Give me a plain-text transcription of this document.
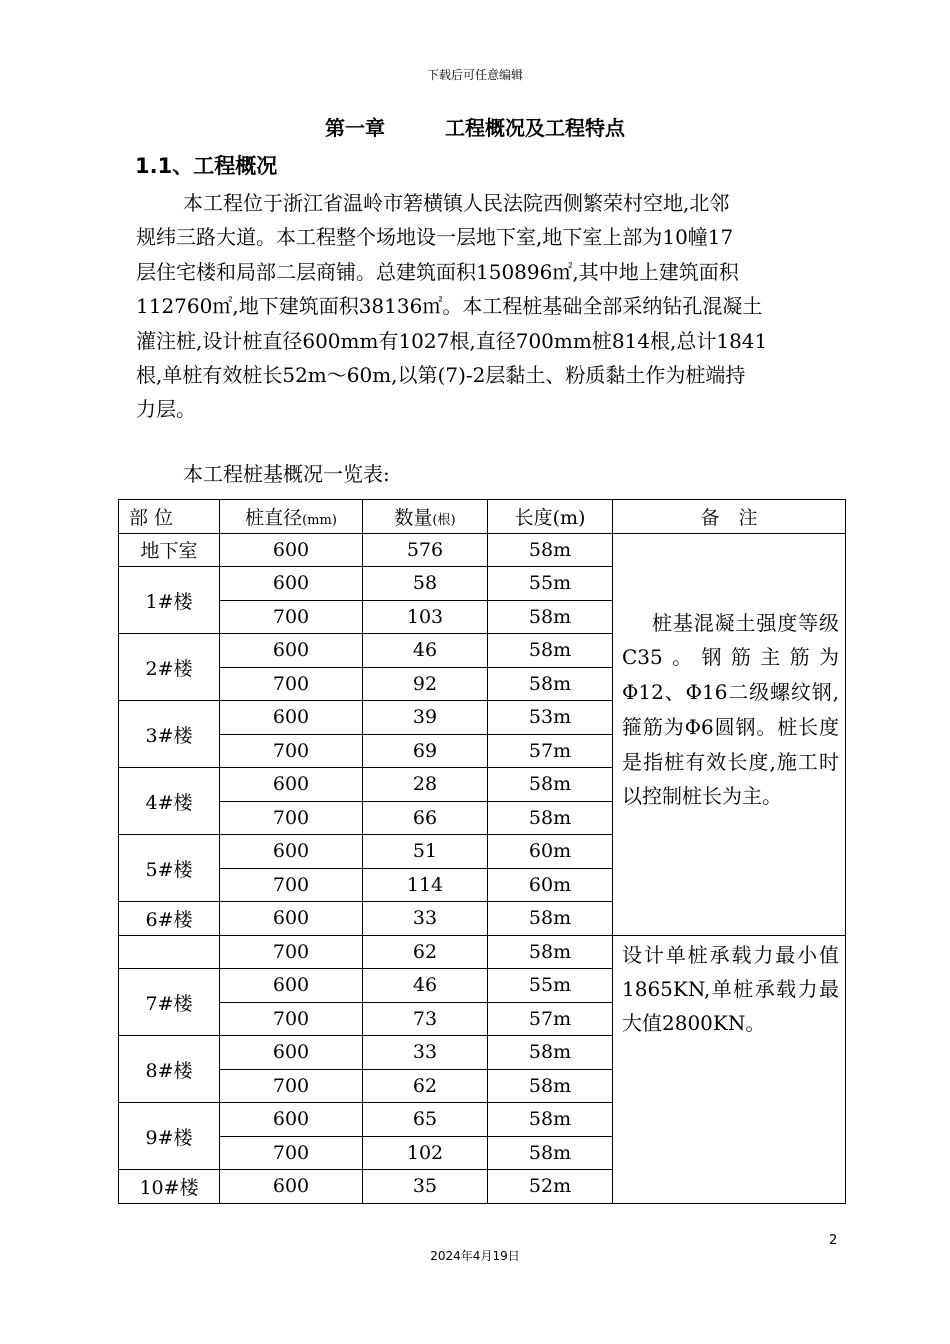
下载后可任意编辑
第一章	工程概况及工程特点
1.1、工程概况
本工程位于浙江省温岭市箬横镇人民法院西侧繁荣村空地,北邻
规纬三路大道。本工程整个场地设一层地下室,地下室上部为10幢17
层住宅楼和局部二层商铺。总建筑面积150896㎡,其中地上建筑面积
112760㎡,地下建筑面积38136㎡。本工程桩基础全部采纳钻孔混凝土
灌注桩,设计桩直径600mm有1027根,直径700mm桩814根,总计1841
根,单桩有效桩长52m～60m,以第(7)-2层黏土、粉质黏土作为桩端持
力层。
本工程桩基概况一览表:
部 位	桩直径(mm)	数量(根)	长度(m)	备　注
地下室	600	576	58m	桩基混凝土强度等级C35。钢筋主筋为Φ12、Φ16二级螺纹钢,箍筋为Φ6圆钢。桩长度是指桩有效长度,施工时以控制桩长为主。

1#楼	600	58	55m	
	700	103	58m	
2#楼	600	46	58m	
	700	92	58m	
3#楼	600	39	53m	
	700	69	57m	
4#楼	600	28	58m	
	700	66	58m	
5#楼	600	51	60m	
	700	114	60m	
6#楼	600	33	58m	
	700	62	58m	设计单桩承载力最小值1865KN,单桩承载力最大值2800KN。
7#楼	600	46	55m	
	700	73	57m	
8#楼	600	33	58m	
	700	62	58m	
9#楼	600	65	58m	
	700	102	58m	
10#楼	600	35	52m	
2
2024年4月19日
